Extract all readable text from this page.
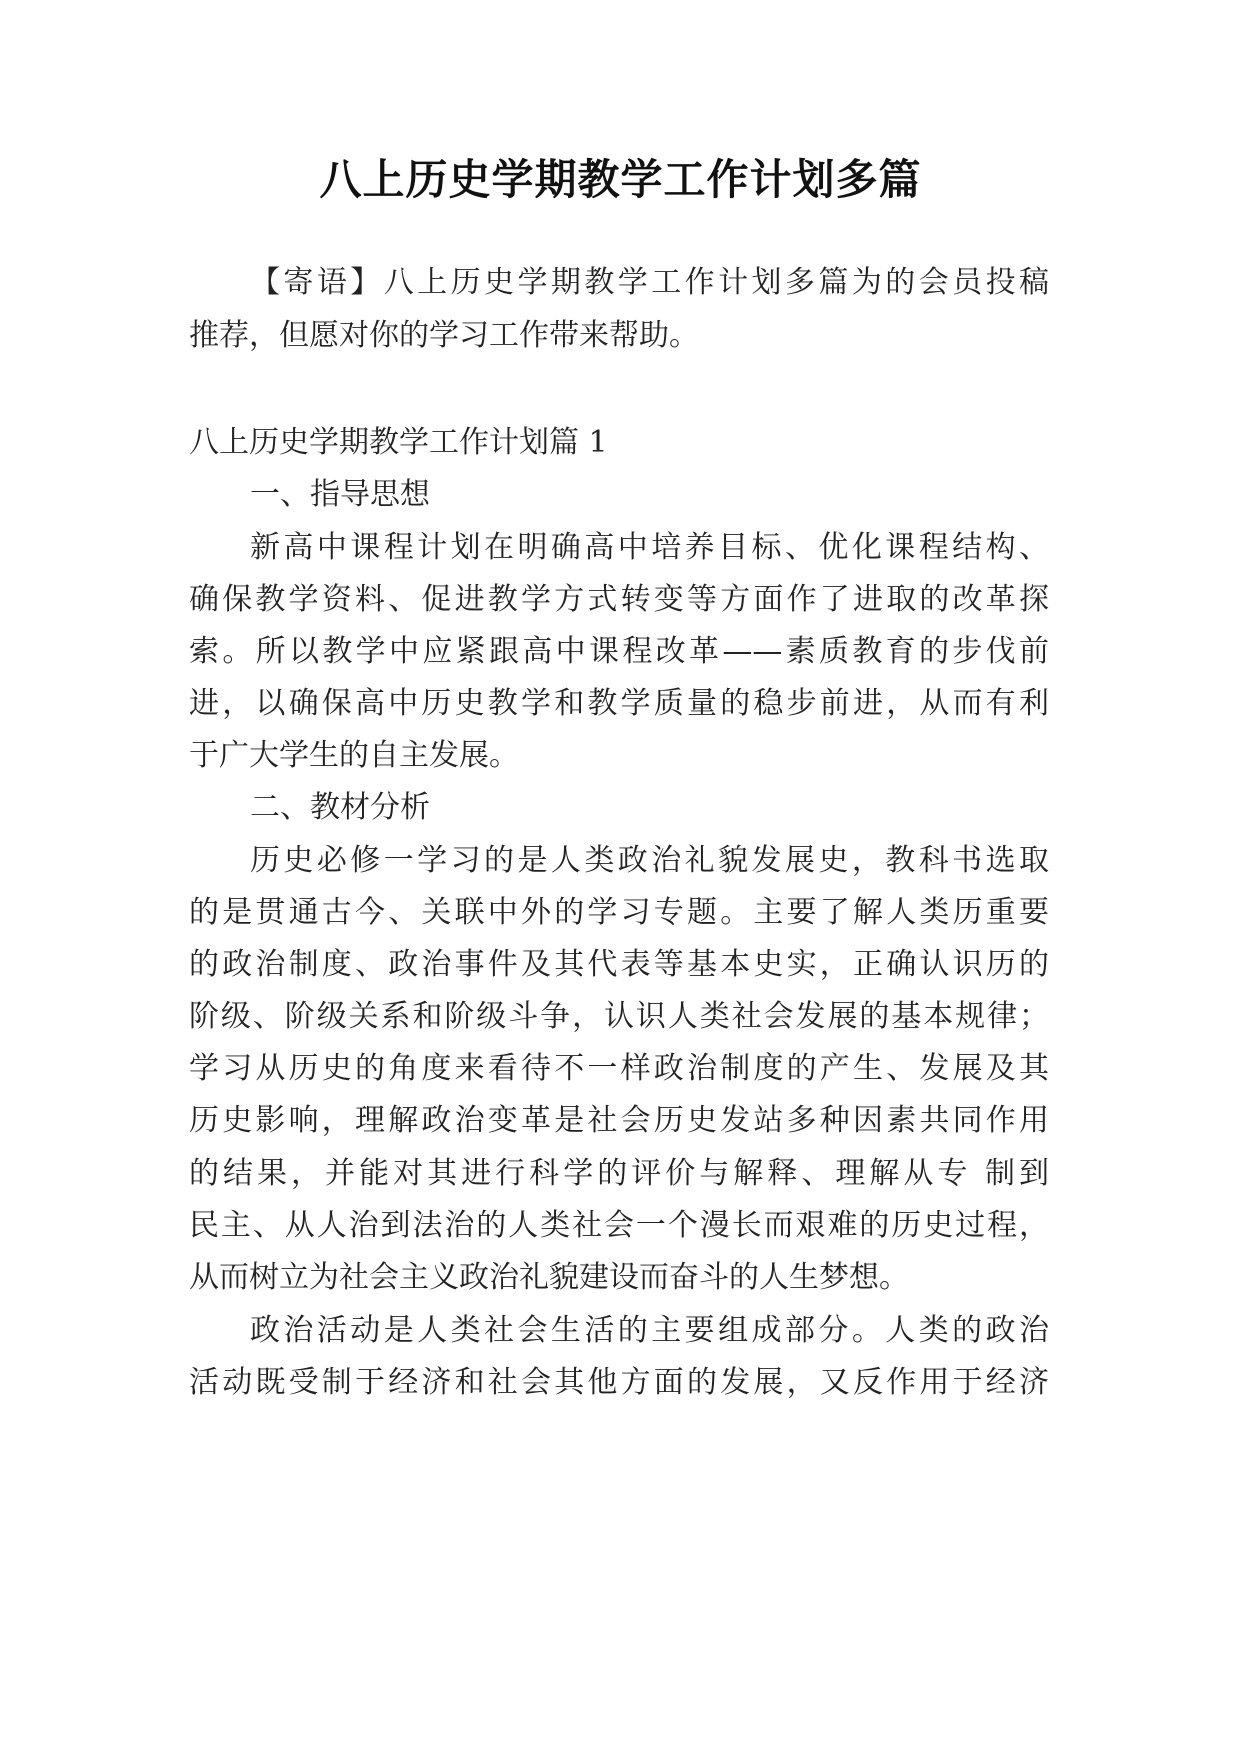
八上历史学期教学工作计划多篇
【寄语】八上历史学期教学工作计划多篇为的会员投稿
推荐，但愿对你的学习工作带来帮助。
八上历史学期教学工作计划篇 1
一、指导思想
新高中课程计划在明确高中培养目标、优化课程结构、
确保教学资料、促进教学方式转变等方面作了进取的改革探
索。所以教学中应紧跟高中课程改革——素质教育的步伐前
进，以确保高中历史教学和教学质量的稳步前进，从而有利
于广大学生的自主发展。
二、教材分析
历史必修一学习的是人类政治礼貌发展史，教科书选取
的是贯通古今、关联中外的学习专题。主要了解人类历重要
的政治制度、政治事件及其代表等基本史实，正确认识历的
阶级、阶级关系和阶级斗争，认识人类社会发展的基本规律；
学习从历史的角度来看待不一样政治制度的产生、发展及其
历史影响，理解政治变革是社会历史发站多种因素共同作用
的结果，并能对其进行科学的评价与解释、理解从专 制到
民主、从人治到法治的人类社会一个漫长而艰难的历史过程，
从而树立为社会主义政治礼貌建设而奋斗的人生梦想。
政治活动是人类社会生活的主要组成部分。人类的政治
活动既受制于经济和社会其他方面的发展，又反作用于经济
